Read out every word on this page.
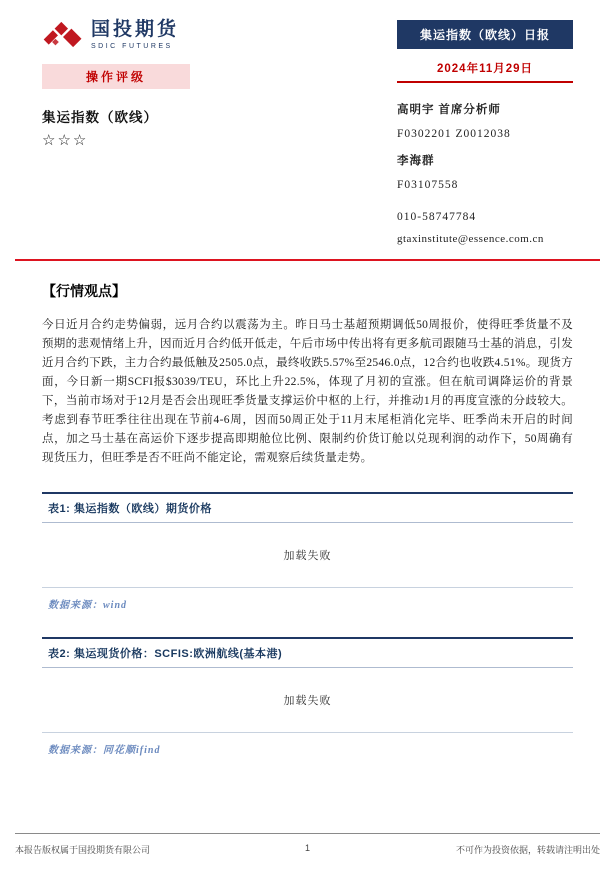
国投期货
SDIC FUTURES
操作评级
集运指数（欧线）
☆☆☆
集运指数（欧线）日报
2024年11月29日
高明宇 首席分析师
F0302201 Z0012038
李海群
F03107558
010-58747784
gtaxinstitute@essence.com.cn
【行情观点】

今日近月合约走势偏弱，远月合约以震荡为主。昨日马士基超预期调低50周报价，使得旺季货量不及预期的悲观情绪上升，因而近月合约低开低走，午后市场中传出将有更多航司跟随马士基的消息，引发近月合约下跌，主力合约最低触及2505.0点，最终收跌5.57%至2546.0点，12合约也收跌4.51%。现货方面，今日新一期SCFI报$3039/TEU，环比上升22.5%，体现了月初的宣涨。但在航司调降运价的背景下，当前市场对于12月是否会出现旺季货量支撑运价中枢的上行，并推动1月的再度宣涨的分歧较大。考虑到春节旺季往往出现在节前4-6周，因而50周正处于11月末尾柜消化完毕、旺季尚未开启的时间点，加之马士基在高运价下逐步提高即期舱位比例、限制约价货订舱以兑现利润的动作下，50周确有现货压力，但旺季是否不旺尚不能定论，需观察后续货量走势。

表1: 集运指数（欧线）期货价格
加载失败
数据来源：wind
表2: 集运现货价格：SCFIS:欧洲航线(基本港)
加载失败
数据来源：同花顺ifind
本报告版权属于国投期货有限公司	1	不可作为投资依据，转载请注明出处
